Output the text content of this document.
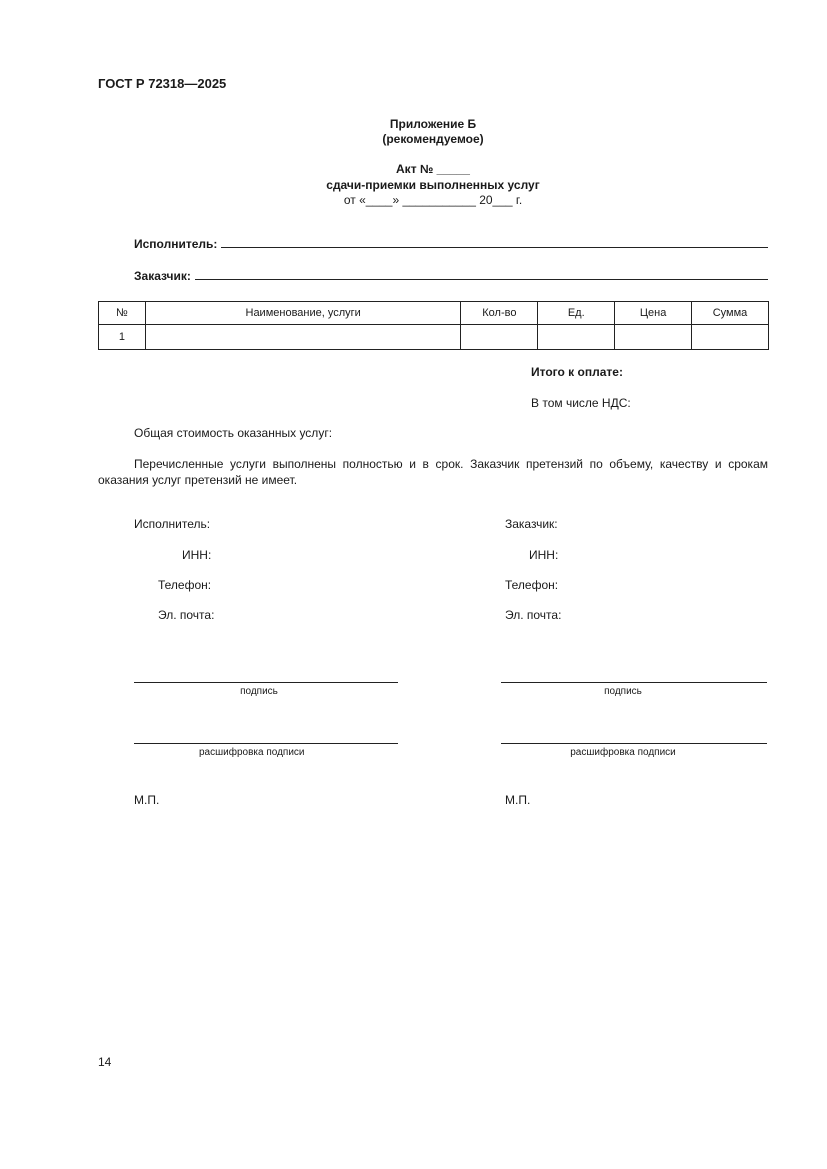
ГОСТ Р 72318—2025
Приложение Б
(рекомендуемое)
Акт № _____
сдачи-приемки выполненных услуг
от «____» ___________ 20___ г.
Исполнитель:
Заказчик:
№	Наименование, услуги	Кол-во	Ед.	Цена	Сумма
1					
Итого к оплате:
В том числе НДС:
Общая стоимость оказанных услуг:
Перечисленные услуги выполнены полностью и в срок. Заказчик претензий по объему, качеству и срокам оказания услуг претензий не имеет.
Исполнитель:
ИНН:
Телефон:
Эл. почта:
Заказчик:
ИНН:
Телефон:
Эл. почта:
подпись	подпись
расшифровка подписи	расшифровка подписи
М.П.	М.П.
14
